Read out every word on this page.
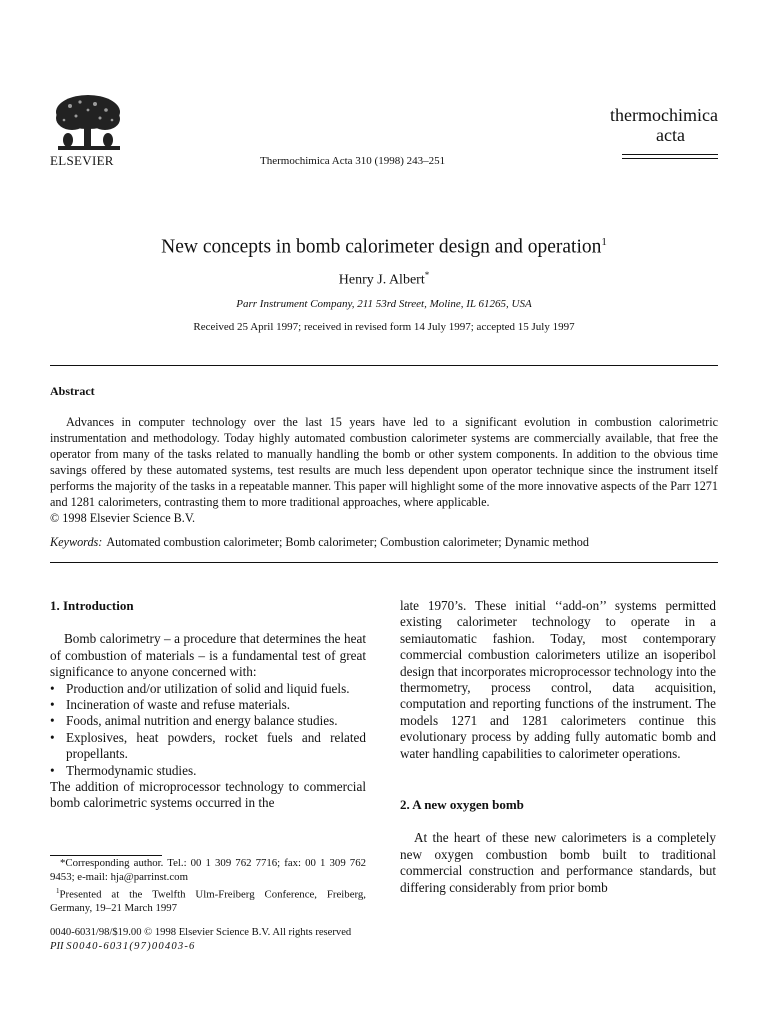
ELSEVIER	Thermochimica Acta 310 (1998) 243–251
thermochimica
acta
New concepts in bomb calorimeter design and operation$^1$
Henry J. Albert*
Parr Instrument Company, 211 53rd Street, Moline, IL 61265, USA
Received 25 April 1997; received in revised form 14 July 1997; accepted 15 July 1997
Abstract

Advances in computer technology over the last 15 years have led to a significant evolution in combustion calorimetric instrumentation and methodology. Today highly automated combustion calorimeter systems are commercially available, that free the operator from many of the tasks related to manually handling the bomb or other system components. In addition to the obvious time savings offered by these automated systems, test results are much less dependent upon operator technique since the instrument itself performs the majority of the tasks in a repeatable manner. This paper will highlight some of the more innovative aspects of the Parr 1271 and 1281 calorimeters, contrasting them to more traditional approaches, where applicable.

© 1998 Elsevier Science B.V.
Keywords: Automated combustion calorimeter; Bomb calorimeter; Combustion calorimeter; Dynamic method

1. Introduction

Bomb calorimetry – a procedure that determines the heat of combustion of materials – is a fundamental test of great significance to anyone concerned with:

• Production and/or utilization of solid and liquid fuels.
• Incineration of waste and refuse materials.
• Foods, animal nutrition and energy balance studies.
• Explosives, heat powders, rocket fuels and related propellants.
• Thermodynamic studies.

The addition of microprocessor technology to commercial bomb calorimetric systems occurred in the

*Corresponding author. Tel.: 00 1 309 762 7716; fax: 00 1 309 762 9453; e-mail: hja@parrinst.com

$^1$Presented at the Twelfth Ulm-Freiberg Conference, Freiberg, Germany, 19–21 March 1997

0040-6031/98/$19.00 © 1998 Elsevier Science B.V. All rights reserved
PII S0040-6031(97)00403-6

late 1970’s. These initial ‘‘add-on’’ systems permitted existing calorimeter technology to operate in a semiautomatic fashion. Today, most contemporary commercial combustion calorimeters utilize an isoperibol design that incorporates microprocessor technology into the thermometry, process control, data acquisition, computation and reporting functions of the instrument. The models 1271 and 1281 calorimeters continue this evolutionary process by adding fully automatic bomb and water handling capabilities to calorimeter operations.

2. A new oxygen bomb

At the heart of these new calorimeters is a completely new oxygen combustion bomb built to traditional commercial construction and performance standards, but differing considerably from prior bomb
